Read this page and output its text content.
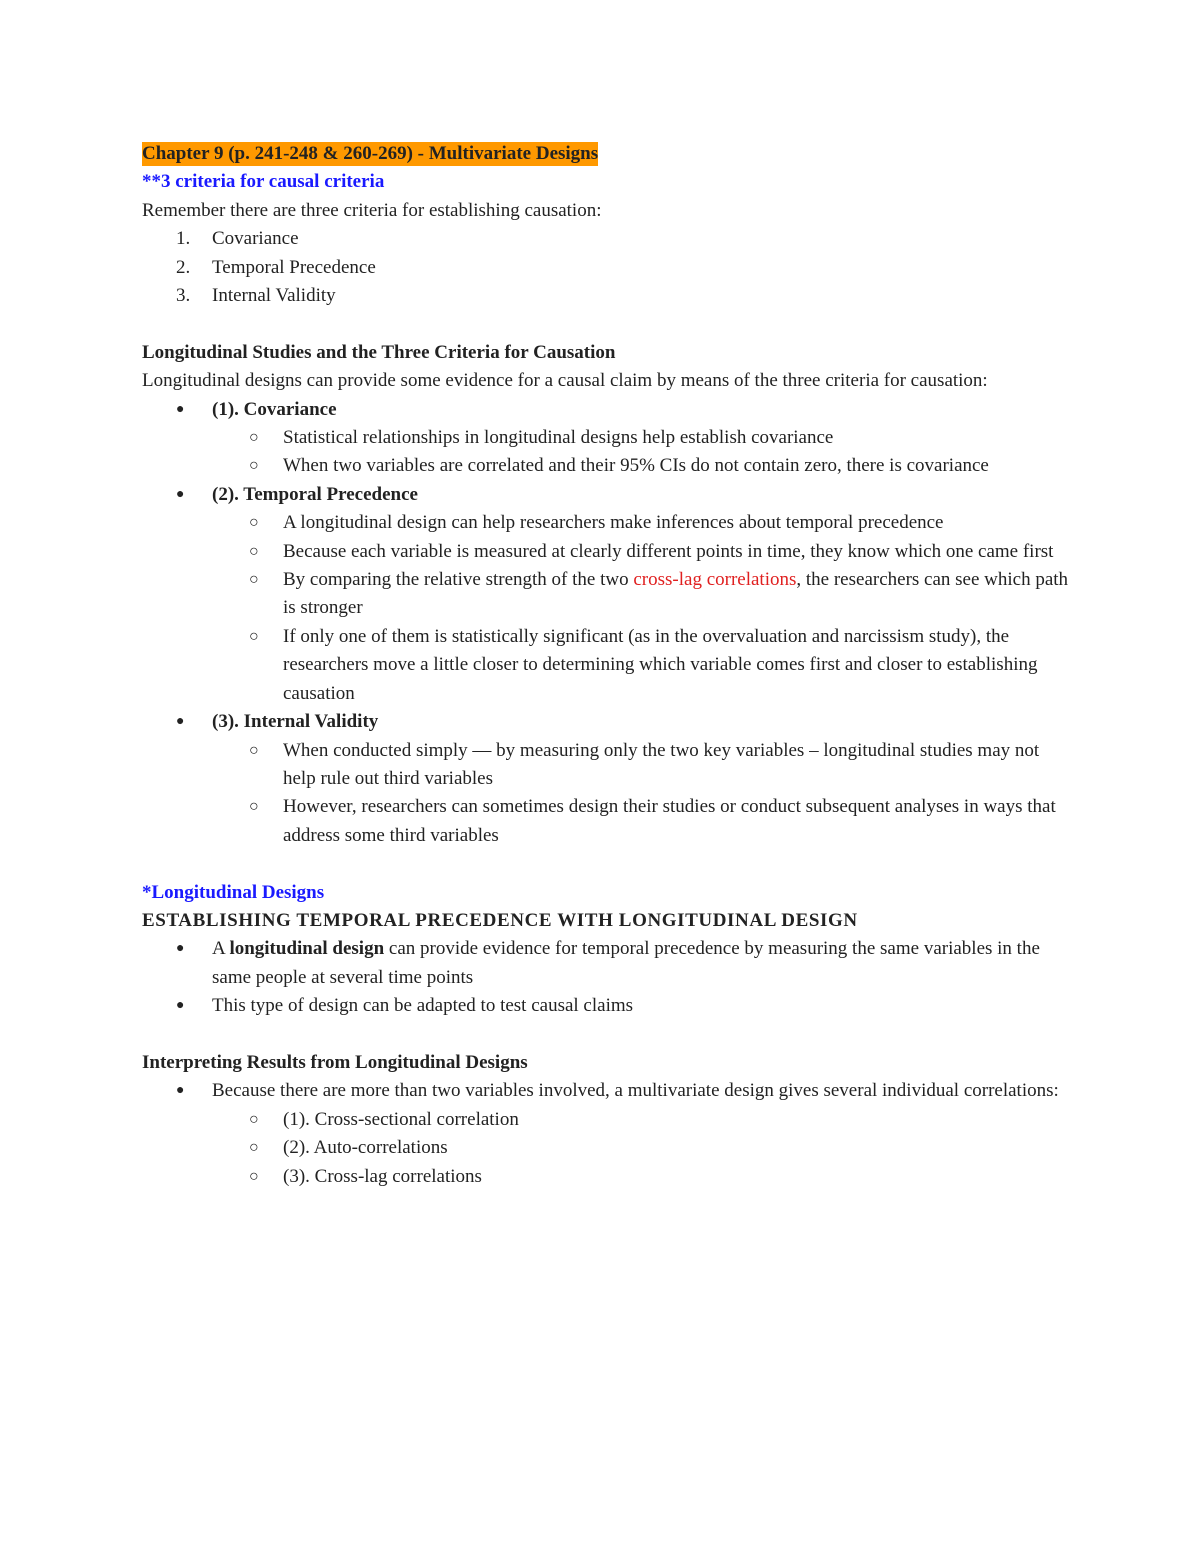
Chapter 9 (p. 241-248 & 260-269) - Multivariate Designs

**3 criteria for causal criteria

Remember there are three criteria for establishing causation:

1. Covariance
2. Temporal Precedence
3. Internal Validity

Longitudinal Studies and the Three Criteria for Causation

Longitudinal designs can provide some evidence for a causal claim by means of the three criteria for causation:

● (1). Covariance
○ Statistical relationships in longitudinal designs help establish covariance
○ When two variables are correlated and their 95% CIs do not contain zero, there is covariance
● (2). Temporal Precedence
○ A longitudinal design can help researchers make inferences about temporal precedence
○ Because each variable is measured at clearly different points in time, they know which one came first
○ By comparing the relative strength of the two cross-lag correlations, the researchers can see which path is stronger
○ If only one of them is statistically significant (as in the overvaluation and narcissism study), the researchers move a little closer to determining which variable comes first and closer to establishing causation
● (3). Internal Validity
○ When conducted simply — by measuring only the two key variables – longitudinal studies may not help rule out third variables
○ However, researchers can sometimes design their studies or conduct subsequent analyses in ways that address some third variables

*Longitudinal Designs

ESTABLISHING TEMPORAL PRECEDENCE WITH LONGITUDINAL DESIGN

● A longitudinal design can provide evidence for temporal precedence by measuring the same variables in the same people at several time points
● This type of design can be adapted to test causal claims

Interpreting Results from Longitudinal Designs

● Because there are more than two variables involved, a multivariate design gives several individual correlations:
○ (1). Cross-sectional correlation
○ (2). Auto-correlations
○ (3). Cross-lag correlations
